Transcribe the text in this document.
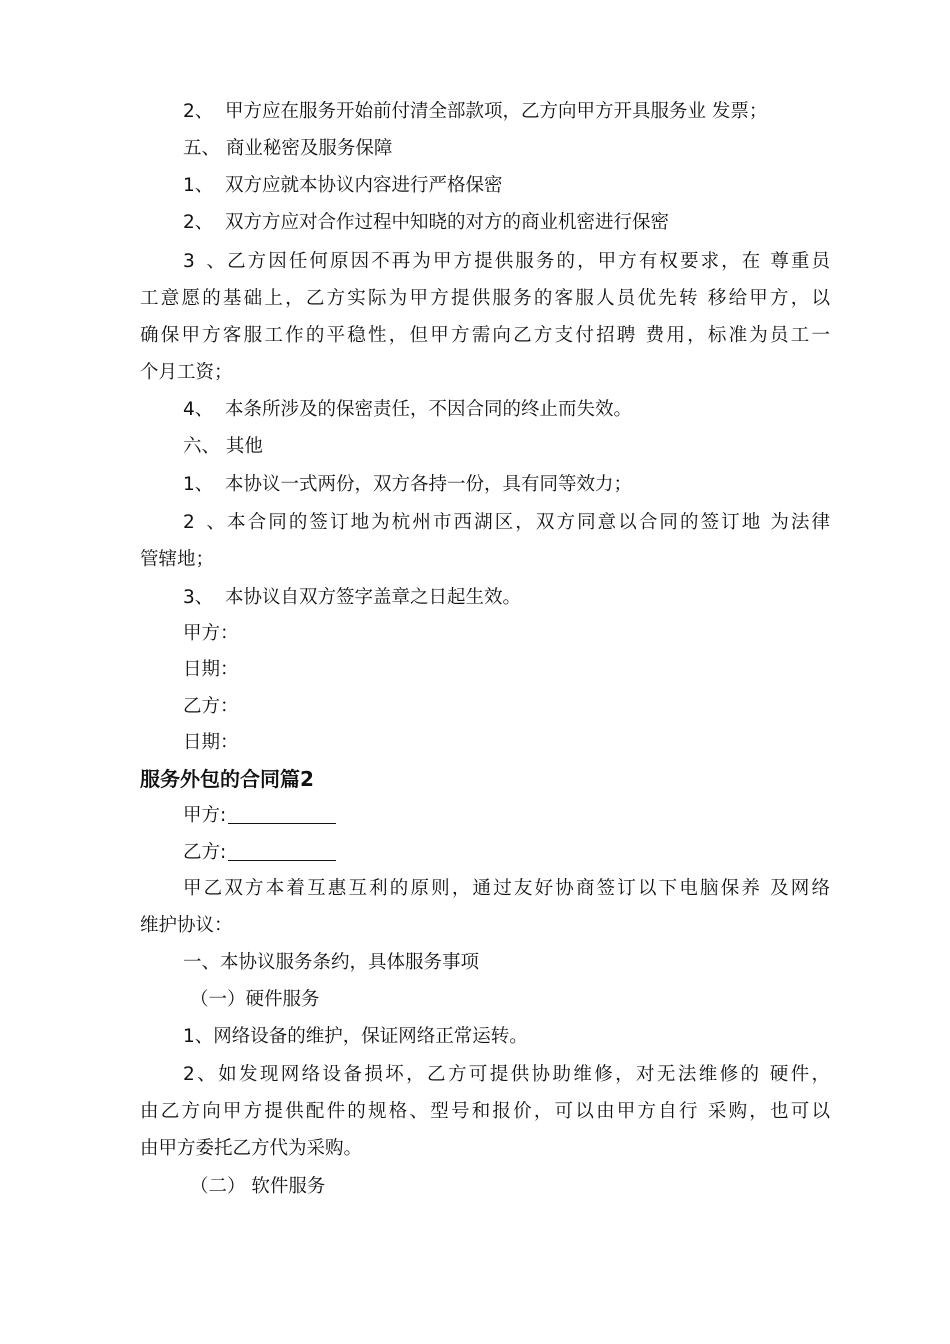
2、 甲方应在服务开始前付清全部款项，乙方向甲方开具服务业 发票；
五、 商业秘密及服务保障
1、 双方应就本协议内容进行严格保密
2、 双方方应对合作过程中知晓的对方的商业机密进行保密
3、乙方因任何原因不再为甲方提供服务的，甲方有权要求，在 尊重员
工意愿的基础上，乙方实际为甲方提供服务的客服人员优先转 移给甲方，以
确保甲方客服工作的平稳性，但甲方需向乙方支付招聘 费用，标准为员工一
个月工资；
4、 本条所涉及的保密责任，不因合同的终止而失效。
六、 其他
1、 本协议一式两份，双方各持一份，具有同等效力；
2、本合同的签订地为杭州市西湖区，双方同意以合同的签订地 为法律
管辖地；
3、 本协议自双方签字盖章之日起生效。
甲方：
日期：
乙方：
日期：
服务外包的合同篇2
甲方:
乙方:
甲乙双方本着互惠互利的原则，通过友好协商签订以下电脑保养 及网络
维护协议：
一、本协议服务条约，具体服务事项
（一）硬件服务
1、网络设备的维护，保证网络正常运转。
2、如发现网络设备损坏，乙方可提供协助维修，对无法维修的 硬件，
由乙方向甲方提供配件的规格、型号和报价，可以由甲方自行 采购，也可以
由甲方委托乙方代为采购。
（二） 软件服务
